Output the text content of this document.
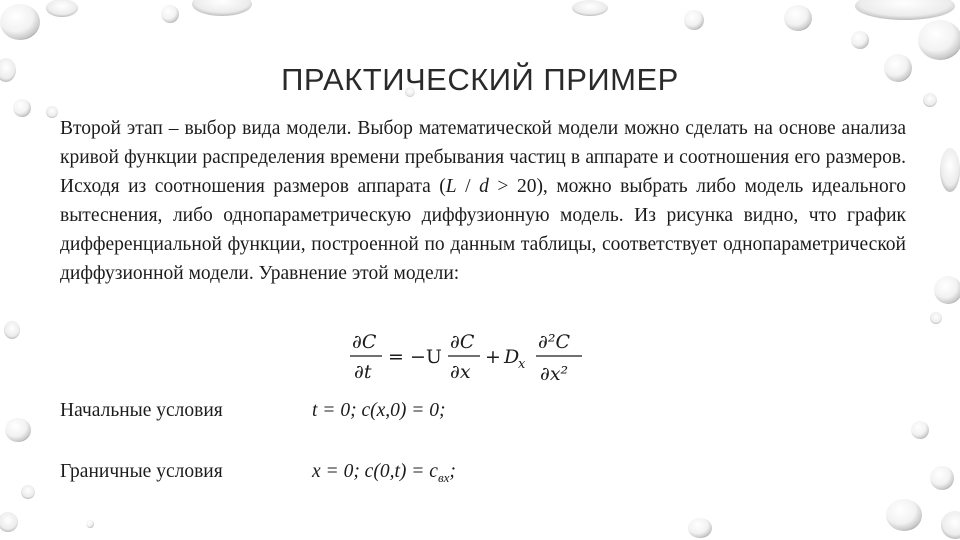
ПРАКТИЧЕСКИЙ ПРИМЕР
Второй этап – выбор вида модели. Выбор математической модели можно сделать на основе анализа кривой функции распределения времени пребывания частиц в аппарате и соотношения его размеров. Исходя из соотношения размеров аппарата (L / d > 20), можно выбрать либо модель идеального вытеснения, либо однопараметрическую диффузионную модель. Из рисунка видно, что график дифференциальной функции, построенной по данным таблицы, соответствует однопараметрической диффузионной модели. Уравнение этой модели:
∂C
∂t
= −U
∂C
∂x
+ D
x
∂²C
∂x²
Начальные условия	t = 0; c(x,0) = 0;
Граничные условия	x = 0; $c(0,t) = c_{вх}$;
